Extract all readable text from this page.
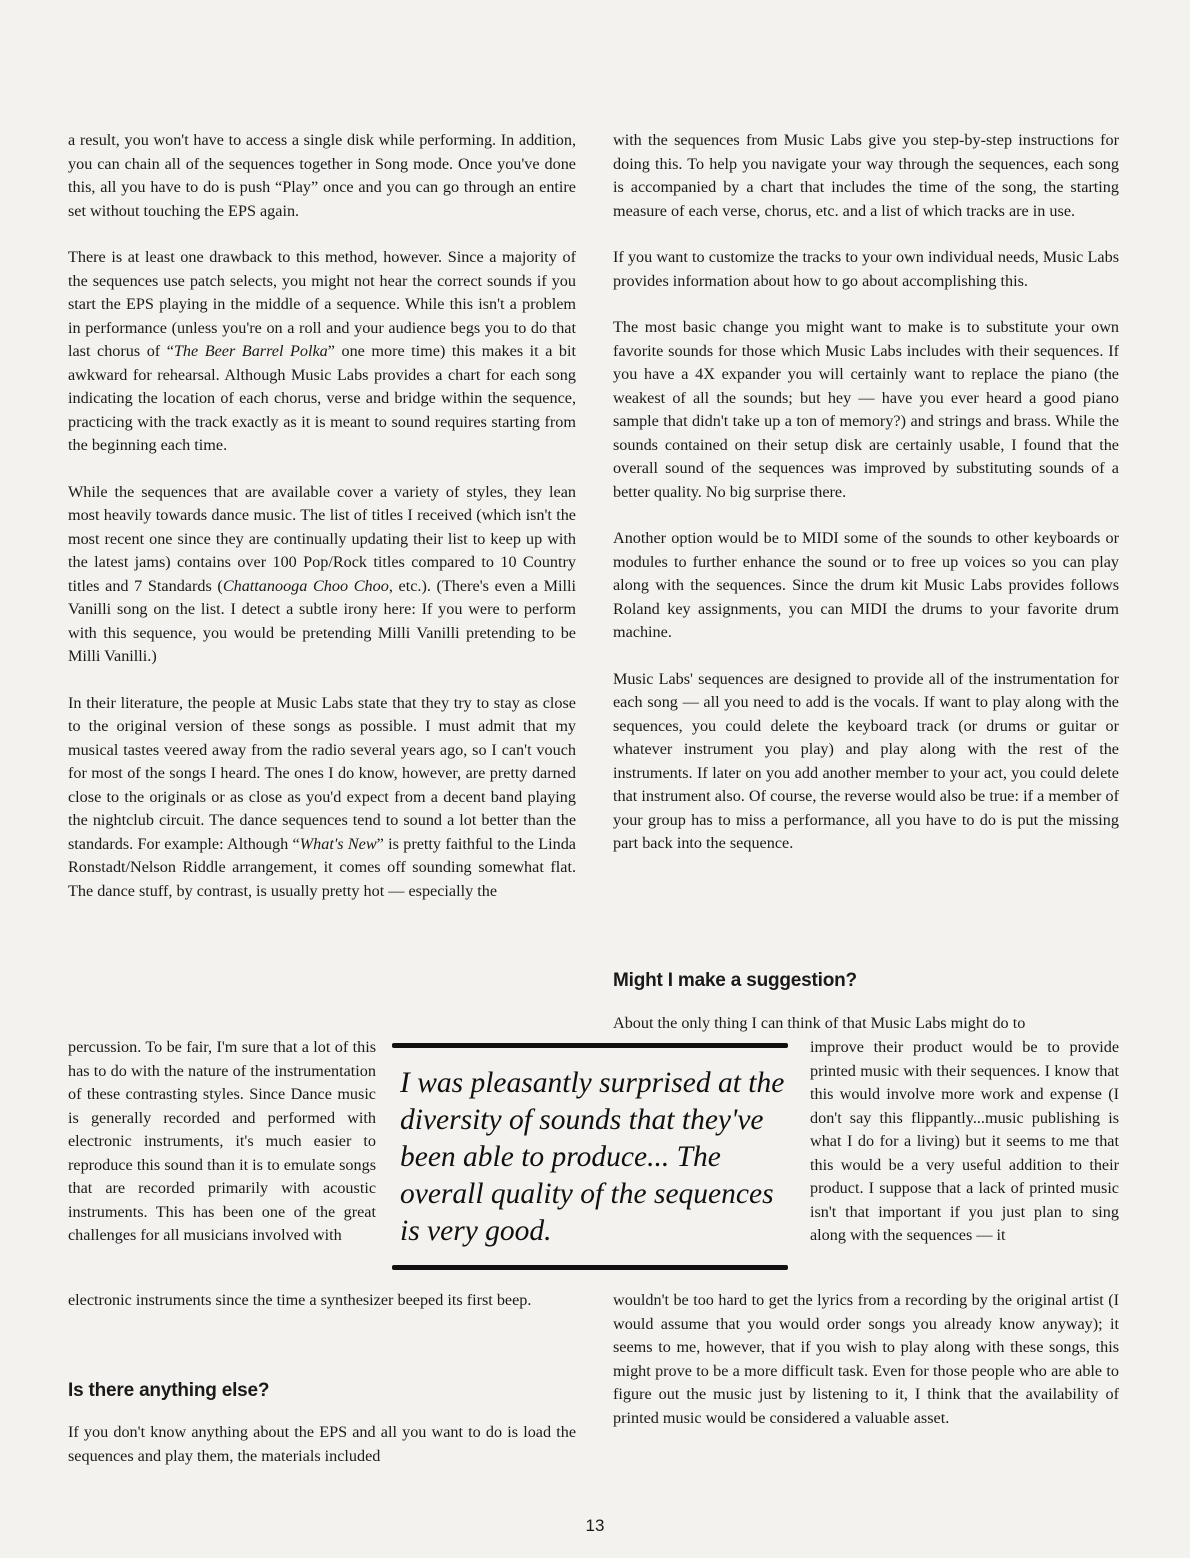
a result, you won't have to access a single disk while performing. In addition, you can chain all of the sequences together in Song mode. Once you've done this, all you have to do is push “Play” once and you can go through an entire set without touching the EPS again.

There is at least one drawback to this method, however. Since a majority of the sequences use patch selects, you might not hear the correct sounds if you start the EPS playing in the middle of a sequence. While this isn't a problem in performance (unless you're on a roll and your audience begs you to do that last chorus of “The Beer Barrel Polka” one more time) this makes it a bit awkward for rehearsal. Although Music Labs provides a chart for each song indicating the location of each chorus, verse and bridge within the sequence, practicing with the track exactly as it is meant to sound requires starting from the beginning each time.

While the sequences that are available cover a variety of styles, they lean most heavily towards dance music. The list of titles I received (which isn't the most recent one since they are continually updating their list to keep up with the latest jams) contains over 100 Pop/Rock titles compared to 10 Country titles and 7 Standards (Chattanooga Choo Choo, etc.). (There's even a Milli Vanilli song on the list. I detect a subtle irony here: If you were to perform with this sequence, you would be pretending Milli Vanilli pretending to be Milli Vanilli.)

In their literature, the people at Music Labs state that they try to stay as close to the original version of these songs as possible. I must admit that my musical tastes veered away from the radio several years ago, so I can't vouch for most of the songs I heard. The ones I do know, however, are pretty darned close to the originals or as close as you'd expect from a decent band playing the nightclub circuit. The dance sequences tend to sound a lot better than the standards. For example: Although “What's New” is pretty faithful to the Linda Ronstadt/Nelson Riddle arrangement, it comes off sounding somewhat flat. The dance stuff, by contrast, is usually pretty hot — especially the

percussion. To be fair, I'm sure that a lot of this has to do with the nature of the instrumentation of these contrasting styles. Since Dance music is generally recorded and performed with electronic instruments, it's much easier to reproduce this sound than it is to emulate songs that are recorded primarily with acoustic instruments. This has been one of the great challenges for all musicians involved with
electronic instruments since the time a synthesizer beeped its first beep.
Is there anything else?
If you don't know anything about the EPS and all you want to do is load the sequences and play them, the materials included

with the sequences from Music Labs give you step-by-step instructions for doing this. To help you navigate your way through the sequences, each song is accompanied by a chart that includes the time of the song, the starting measure of each verse, chorus, etc. and a list of which tracks are in use.

If you want to customize the tracks to your own individual needs, Music Labs provides information about how to go about accomplishing this.

The most basic change you might want to make is to substitute your own favorite sounds for those which Music Labs includes with their sequences. If you have a 4X expander you will certainly want to replace the piano (the weakest of all the sounds; but hey — have you ever heard a good piano sample that didn't take up a ton of memory?) and strings and brass. While the sounds contained on their setup disk are certainly usable, I found that the overall sound of the sequences was improved by substituting sounds of a better quality. No big surprise there.

Another option would be to MIDI some of the sounds to other keyboards or modules to further enhance the sound or to free up voices so you can play along with the sequences. Since the drum kit Music Labs provides follows Roland key assignments, you can MIDI the drums to your favorite drum machine.

Music Labs' sequences are designed to provide all of the instrumentation for each song — all you need to add is the vocals. If want to play along with the sequences, you could delete the keyboard track (or drums or guitar or whatever instrument you play) and play along with the rest of the instruments. If later on you add another member to your act, you could delete that instrument also. Of course, the reverse would also be true: if a member of your group has to miss a performance, all you have to do is put the missing part back into the sequence.

Might I make a suggestion?
About the only thing I can think of that Music Labs might do to
improve their product would be to provide printed music with their sequences. I know that this would involve more work and expense (I don't say this flippantly...music publishing is what I do for a living) but it seems to me that this would be a very useful addition to their product. I suppose that a lack of printed music isn't that important if you just plan to sing along with the sequences — it
wouldn't be too hard to get the lyrics from a recording by the original artist (I would assume that you would order songs you already know anyway); it seems to me, however, that if you wish to play along with these songs, this might prove to be a more difficult task. Even for those people who are able to figure out the music just by listening to it, I think that the availability of printed music would be considered a valuable asset.
I was pleasantly surprised at the diversity of sounds that they've been able to produce... The overall quality of the sequences is very good.
13
